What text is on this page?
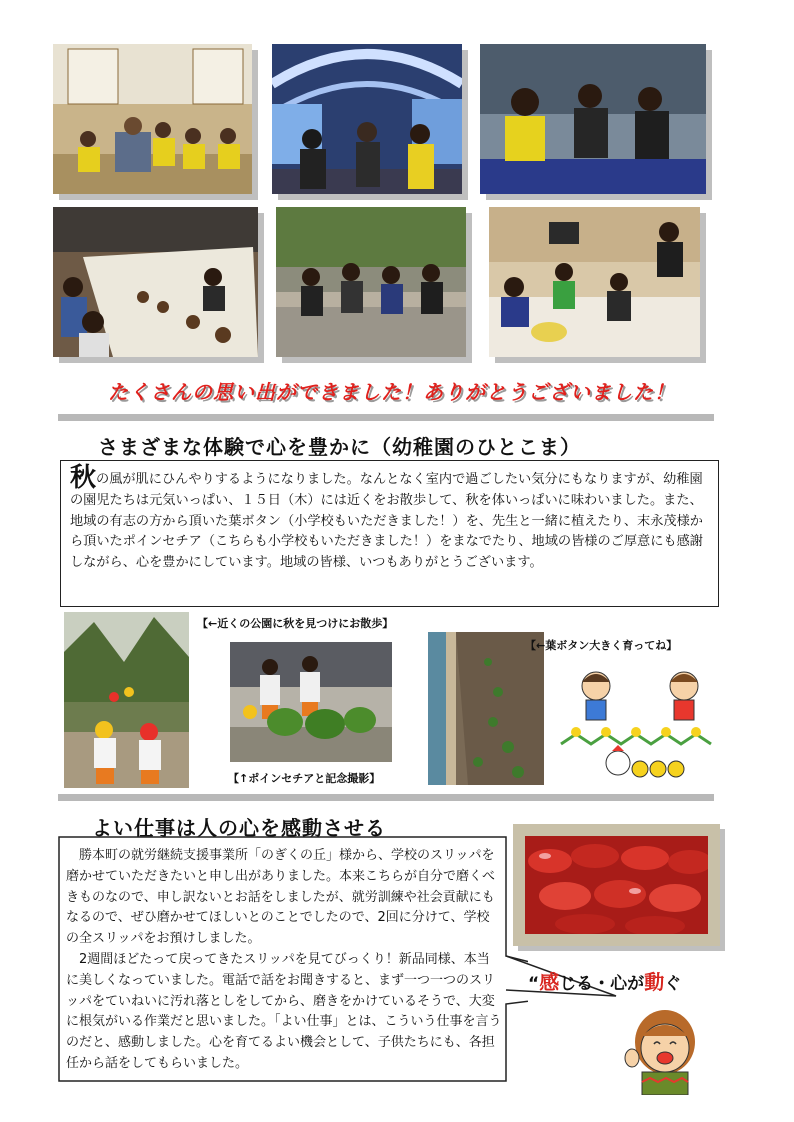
たくさんの思い出ができました！ありがとうございました！
さまざまな体験で心を豊かに（幼稚園のひとこま）

秋の風が肌にひんやりするようになりました。なんとなく室内で過ごしたい気分にもなりますが、幼稚園の園児たちは元気いっぱい、１５日（木）には近くをお散歩して、秋を体いっぱいに味わいました。また、地域の有志の方から頂いた葉ボタン（小学校もいただきました！）を、先生と一緒に植えたり、末永茂様から頂いたポインセチア（こちらも小学校もいただきました！）をまなでたり、地域の皆様のご厚意にも感謝しながら、心を豊かにしています。地域の皆様、いつもありがとうございます。

【←近くの公園に秋を見つけにお散歩】
【↑ポインセチアと記念撮影】
【←葉ボタン大きく育ってね】
よい仕事は人の心を感動させる

勝本町の就労継続支援事業所「のぎくの丘」様から、学校のスリッパを磨かせていただきたいと申し出がありました。本来こちらが自分で磨くべきものなので、申し訳ないとお話をしましたが、就労訓練や社会貢献にもなるので、ぜひ磨かせてほしいとのことでしたので、2回に分けて、学校の全スリッパをお預けしました。

2週間ほどたって戻ってきたスリッパを見てびっくり！新品同様、本当に美しくなっていました。電話で話をお聞きすると、まず一つ一つのスリッパをていねいに汚れ落としをしてから、磨きをかけているそうで、大変に根気がいる作業だと思いました。「よい仕事」とは、こういう仕事を言うのだと、感動しました。心を育てるよい機会として、子供たちにも、各担任から話をしてもらいました。

“感じる・心が動ぐ
